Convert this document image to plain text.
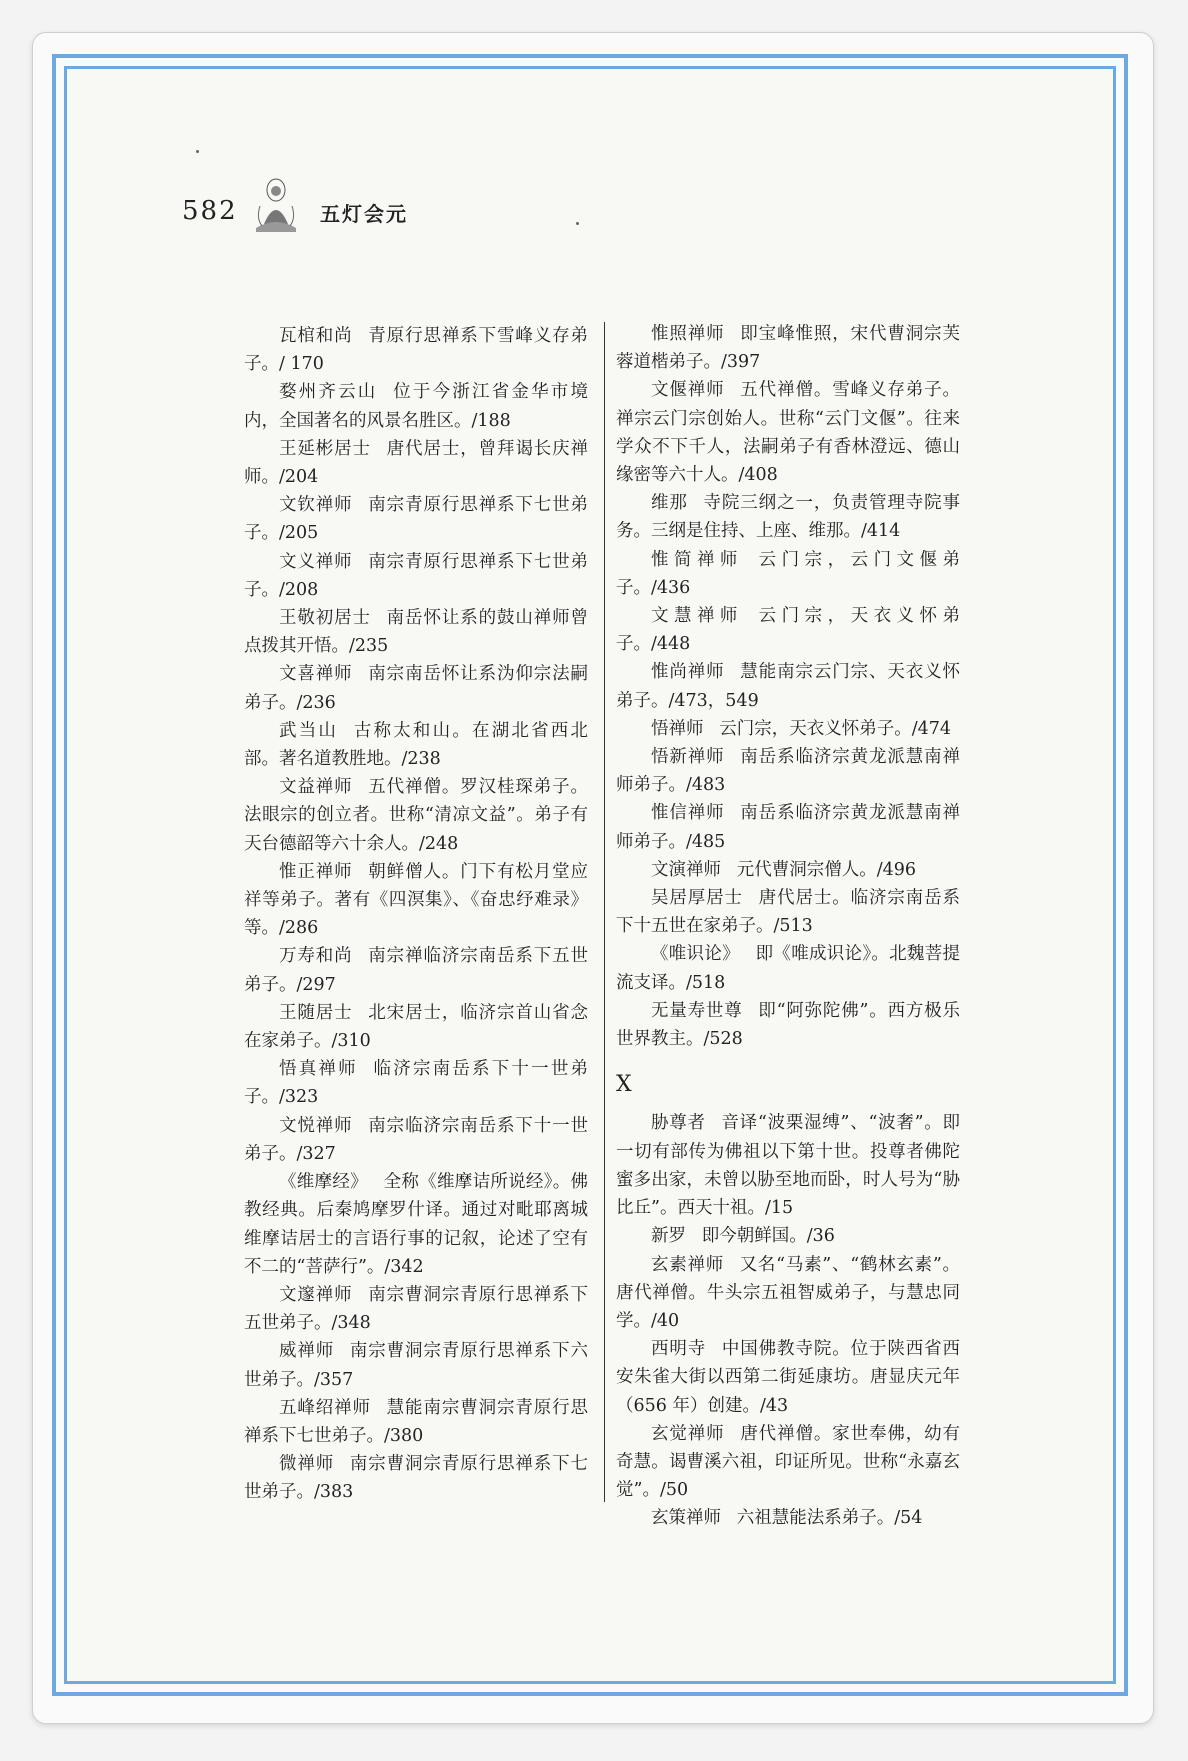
582	五灯会元

瓦棺和尚 青原行思禅系下雪峰义存弟子。/ 170

婺州齐云山 位于今浙江省金华市境内，全国著名的风景名胜区。/188

王延彬居士 唐代居士，曾拜谒长庆禅师。/204

文钦禅师 南宗青原行思禅系下七世弟子。/205

文义禅师 南宗青原行思禅系下七世弟子。/208

王敬初居士 南岳怀让系的鼓山禅师曾点拨其开悟。/235

文喜禅师 南宗南岳怀让系沩仰宗法嗣弟子。/236

武当山 古称太和山。在湖北省西北部。著名道教胜地。/238

文益禅师 五代禅僧。罗汉桂琛弟子。法眼宗的创立者。世称“清凉文益”。弟子有天台德韶等六十余人。/248

惟正禅师 朝鲜僧人。门下有松月堂应祥等弟子。著有《四溟集》、《奋忠纾难录》等。/286

万寿和尚 南宗禅临济宗南岳系下五世弟子。/297

王随居士 北宋居士，临济宗首山省念在家弟子。/310

悟真禅师 临济宗南岳系下十一世弟子。/323

文悦禅师 南宗临济宗南岳系下十一世弟子。/327

《维摩经》 全称《维摩诘所说经》。佛教经典。后秦鸠摩罗什译。通过对毗耶离城维摩诘居士的言语行事的记叙，论述了空有不二的“菩萨行”。/342

文邃禅师 南宗曹洞宗青原行思禅系下五世弟子。/348

威禅师 南宗曹洞宗青原行思禅系下六世弟子。/357

五峰绍禅师 慧能南宗曹洞宗青原行思禅系下七世弟子。/380

微禅师 南宗曹洞宗青原行思禅系下七世弟子。/383

惟照禅师 即宝峰惟照，宋代曹洞宗芙蓉道楷弟子。/397

文偃禅师 五代禅僧。雪峰义存弟子。禅宗云门宗创始人。世称“云门文偃”。往来学众不下千人，法嗣弟子有香林澄远、德山缘密等六十人。/408

维那 寺院三纲之一，负责管理寺院事务。三纲是住持、上座、维那。/414

惟简禅师 云门宗，云门文偃弟子。/436

文慧禅师 云门宗，天衣义怀弟子。/448

惟尚禅师 慧能南宗云门宗、天衣义怀弟子。/473，549

悟禅师 云门宗，天衣义怀弟子。/474

悟新禅师 南岳系临济宗黄龙派慧南禅师弟子。/483

惟信禅师 南岳系临济宗黄龙派慧南禅师弟子。/485

文演禅师 元代曹洞宗僧人。/496

吴居厚居士 唐代居士。临济宗南岳系下十五世在家弟子。/513

《唯识论》 即《唯成识论》。北魏菩提流支译。/518

无量寿世尊 即“阿弥陀佛”。西方极乐世界教主。/528

X

胁尊者 音译“波栗湿缚”、“波奢”。即一切有部传为佛祖以下第十世。投尊者佛陀蜜多出家，未曾以胁至地而卧，时人号为“胁比丘”。西天十祖。/15

新罗 即今朝鲜国。/36

玄素禅师 又名“马素”、“鹤林玄素”。唐代禅僧。牛头宗五祖智威弟子，与慧忠同学。/40

西明寺 中国佛教寺院。位于陕西省西安朱雀大街以西第二街延康坊。唐显庆元年（656 年）创建。/43

玄觉禅师 唐代禅僧。家世奉佛，幼有奇慧。谒曹溪六祖，印证所见。世称“永嘉玄觉”。/50

玄策禅师 六祖慧能法系弟子。/54
